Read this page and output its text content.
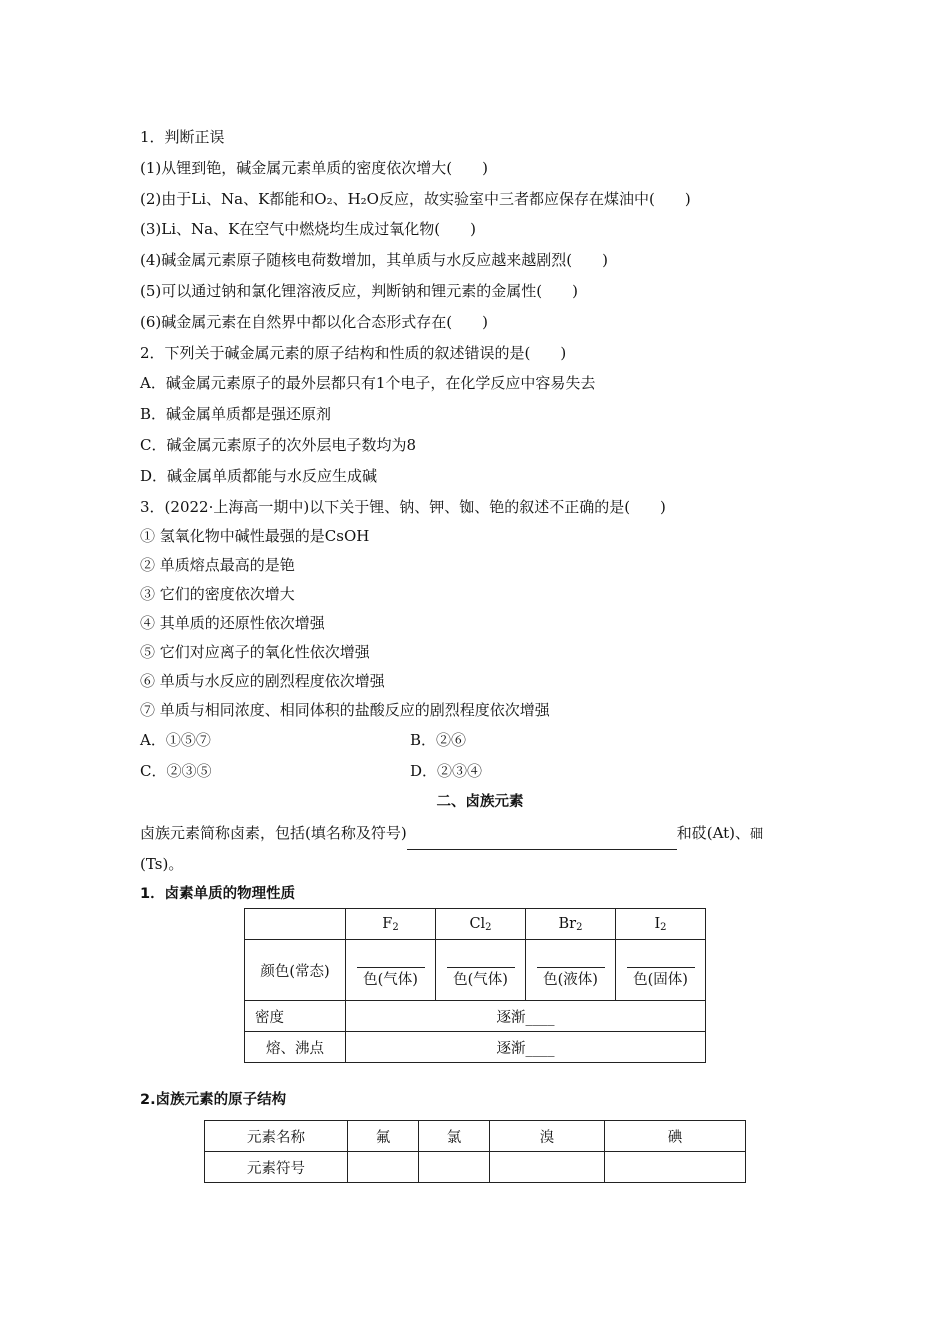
1．判断正误
(1)从锂到铯，碱金属元素单质的密度依次增大(　　)
(2)由于Li、Na、K都能和O₂、H₂O反应，故实验室中三者都应保存在煤油中(　　)
(3)Li、Na、K在空气中燃烧均生成过氧化物(　　)
(4)碱金属元素原子随核电荷数增加，其单质与水反应越来越剧烈(　　)
(5)可以通过钠和氯化锂溶液反应，判断钠和锂元素的金属性(　　)
(6)碱金属元素在自然界中都以化合态形式存在(　　)
2．下列关于碱金属元素的原子结构和性质的叙述错误的是(　　)
A．碱金属元素原子的最外层都只有1个电子，在化学反应中容易失去
B．碱金属单质都是强还原剂
C．碱金属元素原子的次外层电子数均为8
D．碱金属单质都能与水反应生成碱
3．(2022·上海高一期中)以下关于锂、钠、钾、铷、铯的叙述不正确的是(　　)
① 氢氧化物中碱性最强的是CsOH
② 单质熔点最高的是铯
③ 它们的密度依次增大
④ 其单质的还原性依次增强
⑤ 它们对应离子的氧化性依次增强
⑥ 单质与水反应的剧烈程度依次增强
⑦ 单质与相同浓度、相同体积的盐酸反应的剧烈程度依次增强
A．①⑤⑦	B．②⑥
C．②③⑤	D．②③④
二、卤族元素
卤族元素简称卤素，包括(填名称及符号)	和砹(At)、鿬
(Ts)。
1．卤素单质的物理性质
	$F_2$	$Cl_2$	$Br_2$	$I_2$
颜色(常态)	色(气体)	色(气体)	色(液体)	色(固体)

密度	逐渐____			
熔、沸点	逐渐____			
2.卤族元素的原子结构
元素名称	氟	氯	溴	碘
元素符号				
